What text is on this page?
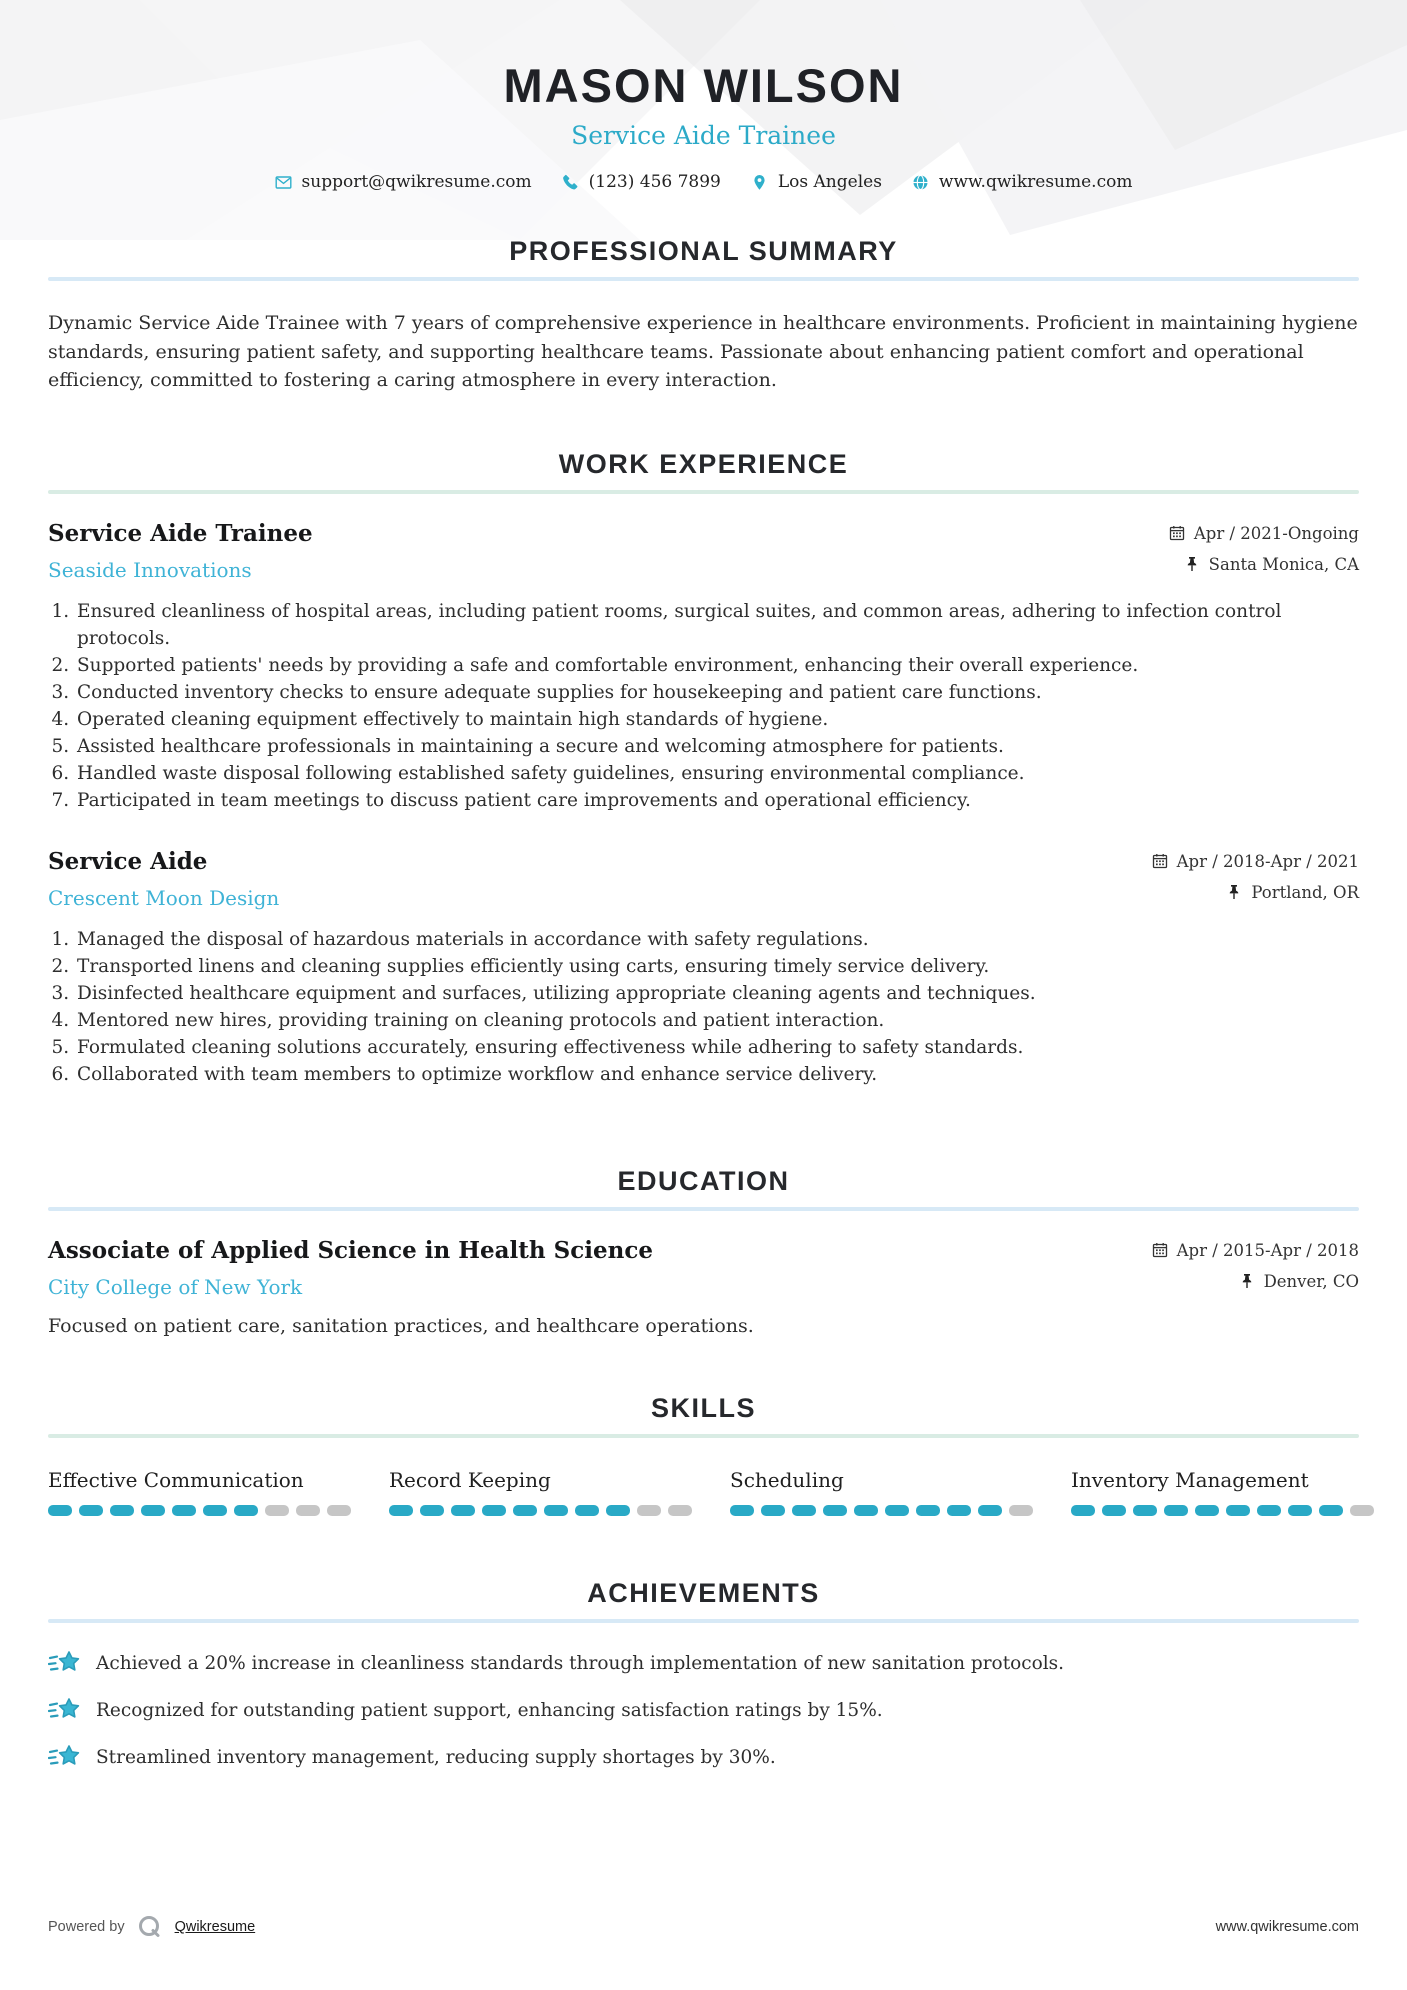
MASON WILSON
Service Aide Trainee
support@qwikresume.com	(123) 456 7899	Los Angeles	www.qwikresume.com
PROFESSIONAL SUMMARY

Dynamic Service Aide Trainee with 7 years of comprehensive experience in healthcare environments. Proficient in maintaining hygiene standards, ensuring patient safety, and supporting healthcare teams. Passionate about enhancing patient comfort and operational efficiency, committed to fostering a caring atmosphere in every interaction.

WORK EXPERIENCE
Service Aide Trainee
Seaside Innovations
Apr / 2021-Ongoing
Santa Monica, CA
1. Ensured cleanliness of hospital areas, including patient rooms, surgical suites, and common areas, adhering to infection control protocols.
2. Supported patients' needs by providing a safe and comfortable environment, enhancing their overall experience.
3. Conducted inventory checks to ensure adequate supplies for housekeeping and patient care functions.
4. Operated cleaning equipment effectively to maintain high standards of hygiene.
5. Assisted healthcare professionals in maintaining a secure and welcoming atmosphere for patients.
6. Handled waste disposal following established safety guidelines, ensuring environmental compliance.
7. Participated in team meetings to discuss patient care improvements and operational efficiency.
Service Aide
Crescent Moon Design
Apr / 2018-Apr / 2021
Portland, OR
1. Managed the disposal of hazardous materials in accordance with safety regulations.
2. Transported linens and cleaning supplies efficiently using carts, ensuring timely service delivery.
3. Disinfected healthcare equipment and surfaces, utilizing appropriate cleaning agents and techniques.
4. Mentored new hires, providing training on cleaning protocols and patient interaction.
5. Formulated cleaning solutions accurately, ensuring effectiveness while adhering to safety standards.
6. Collaborated with team members to optimize workflow and enhance service delivery.
EDUCATION
Associate of Applied Science in Health Science
City College of New York
Apr / 2015-Apr / 2018
Denver, CO

Focused on patient care, sanitation practices, and healthcare operations.

SKILLS
Effective Communication	Record Keeping	Scheduling	Inventory Management
ACHIEVEMENTS
Achieved a 20% increase in cleanliness standards through implementation of new sanitation protocols.
Recognized for outstanding patient support, enhancing satisfaction ratings by 15%.
Streamlined inventory management, reducing supply shortages by 30%.
Powered by	Qwikresume	www.qwikresume.com
